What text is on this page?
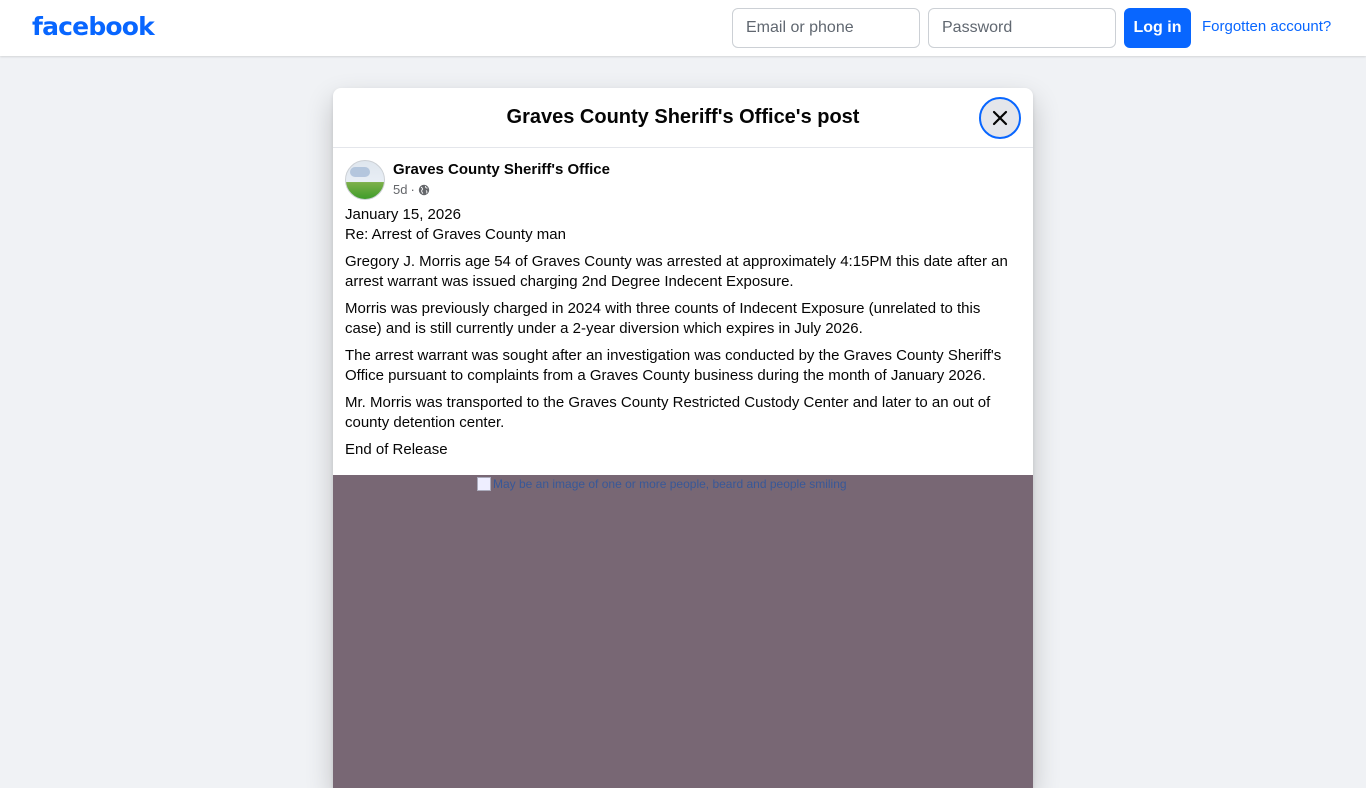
facebook
Email or phone	Log in	Forgotten account?
Graves County Sheriff's Office's post
Graves County Sheriff's Office
5d ·

January 15, 2026

Re: Arrest of Graves County man

Gregory J. Morris age 54 of Graves County was arrested at approximately 4:15PM this date after an arrest warrant was issued charging 2nd Degree Indecent Exposure.

Morris was previously charged in 2024 with three counts of Indecent Exposure (unrelated to this case) and is still currently under a 2-year diversion which expires in July 2026.

The arrest warrant was sought after an investigation was conducted by the Graves County Sheriff's Office pursuant to complaints from a Graves County business during the month of January 2026.

Mr. Morris was transported to the Graves County Restricted Custody Center and later to an out of county detention center.

End of Release

May be an image of one or more people, beard and people smiling
